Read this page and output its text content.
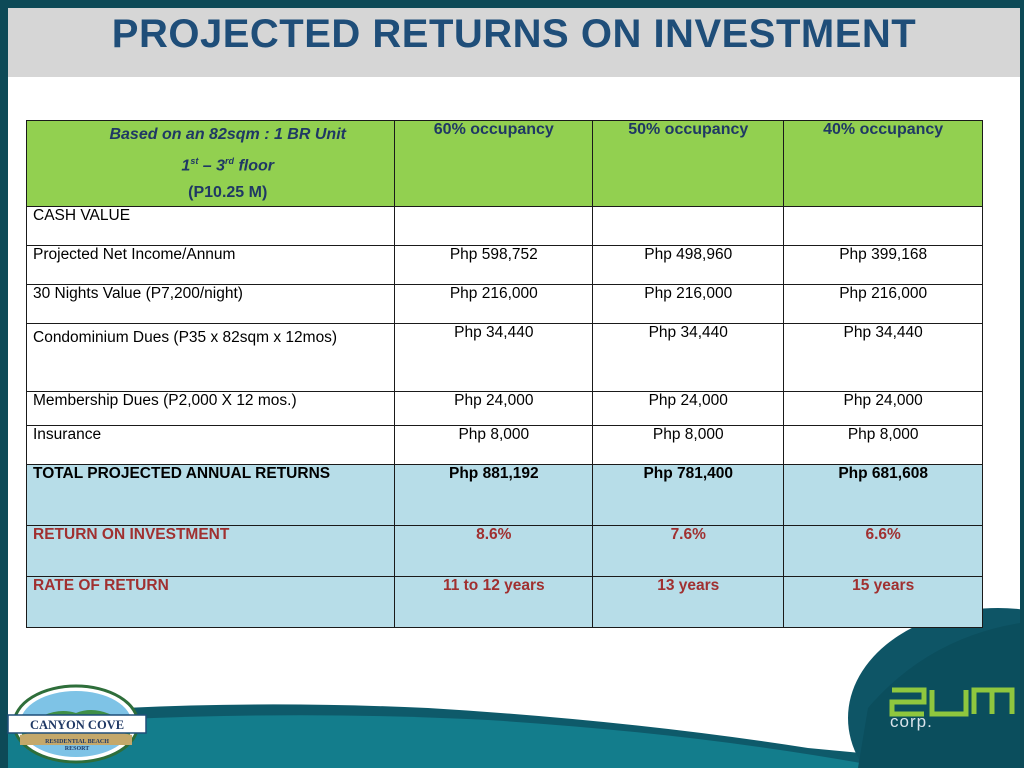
PROJECTED RETURNS ON INVESTMENT
Based on an 82sqm : 1 BR Unit
1st – 3rd floor
(P10.25 M)	60% occupancy	50% occupancy	40% occupancy
CASH VALUE			
Projected Net Income/Annum	Php 598,752	Php 498,960	Php 399,168
30 Nights Value (P7,200/night)	Php 216,000	Php 216,000	Php 216,000
Condominium Dues (P35 x 82sqm x 12mos)	Php 34,440	Php 34,440	Php 34,440
Membership Dues (P2,000 X 12 mos.)	Php 24,000	Php 24,000	Php 24,000
Insurance	Php 8,000	Php 8,000	Php 8,000
TOTAL PROJECTED ANNUAL RETURNS	Php 881,192	Php 781,400	Php 681,608
RETURN ON INVESTMENT	8.6%	7.6%	6.6%
RATE OF RETURN	11 to 12 years	13 years	15 years
CANYON COVE
RESIDENTIAL BEACH
RESORT
corp.
